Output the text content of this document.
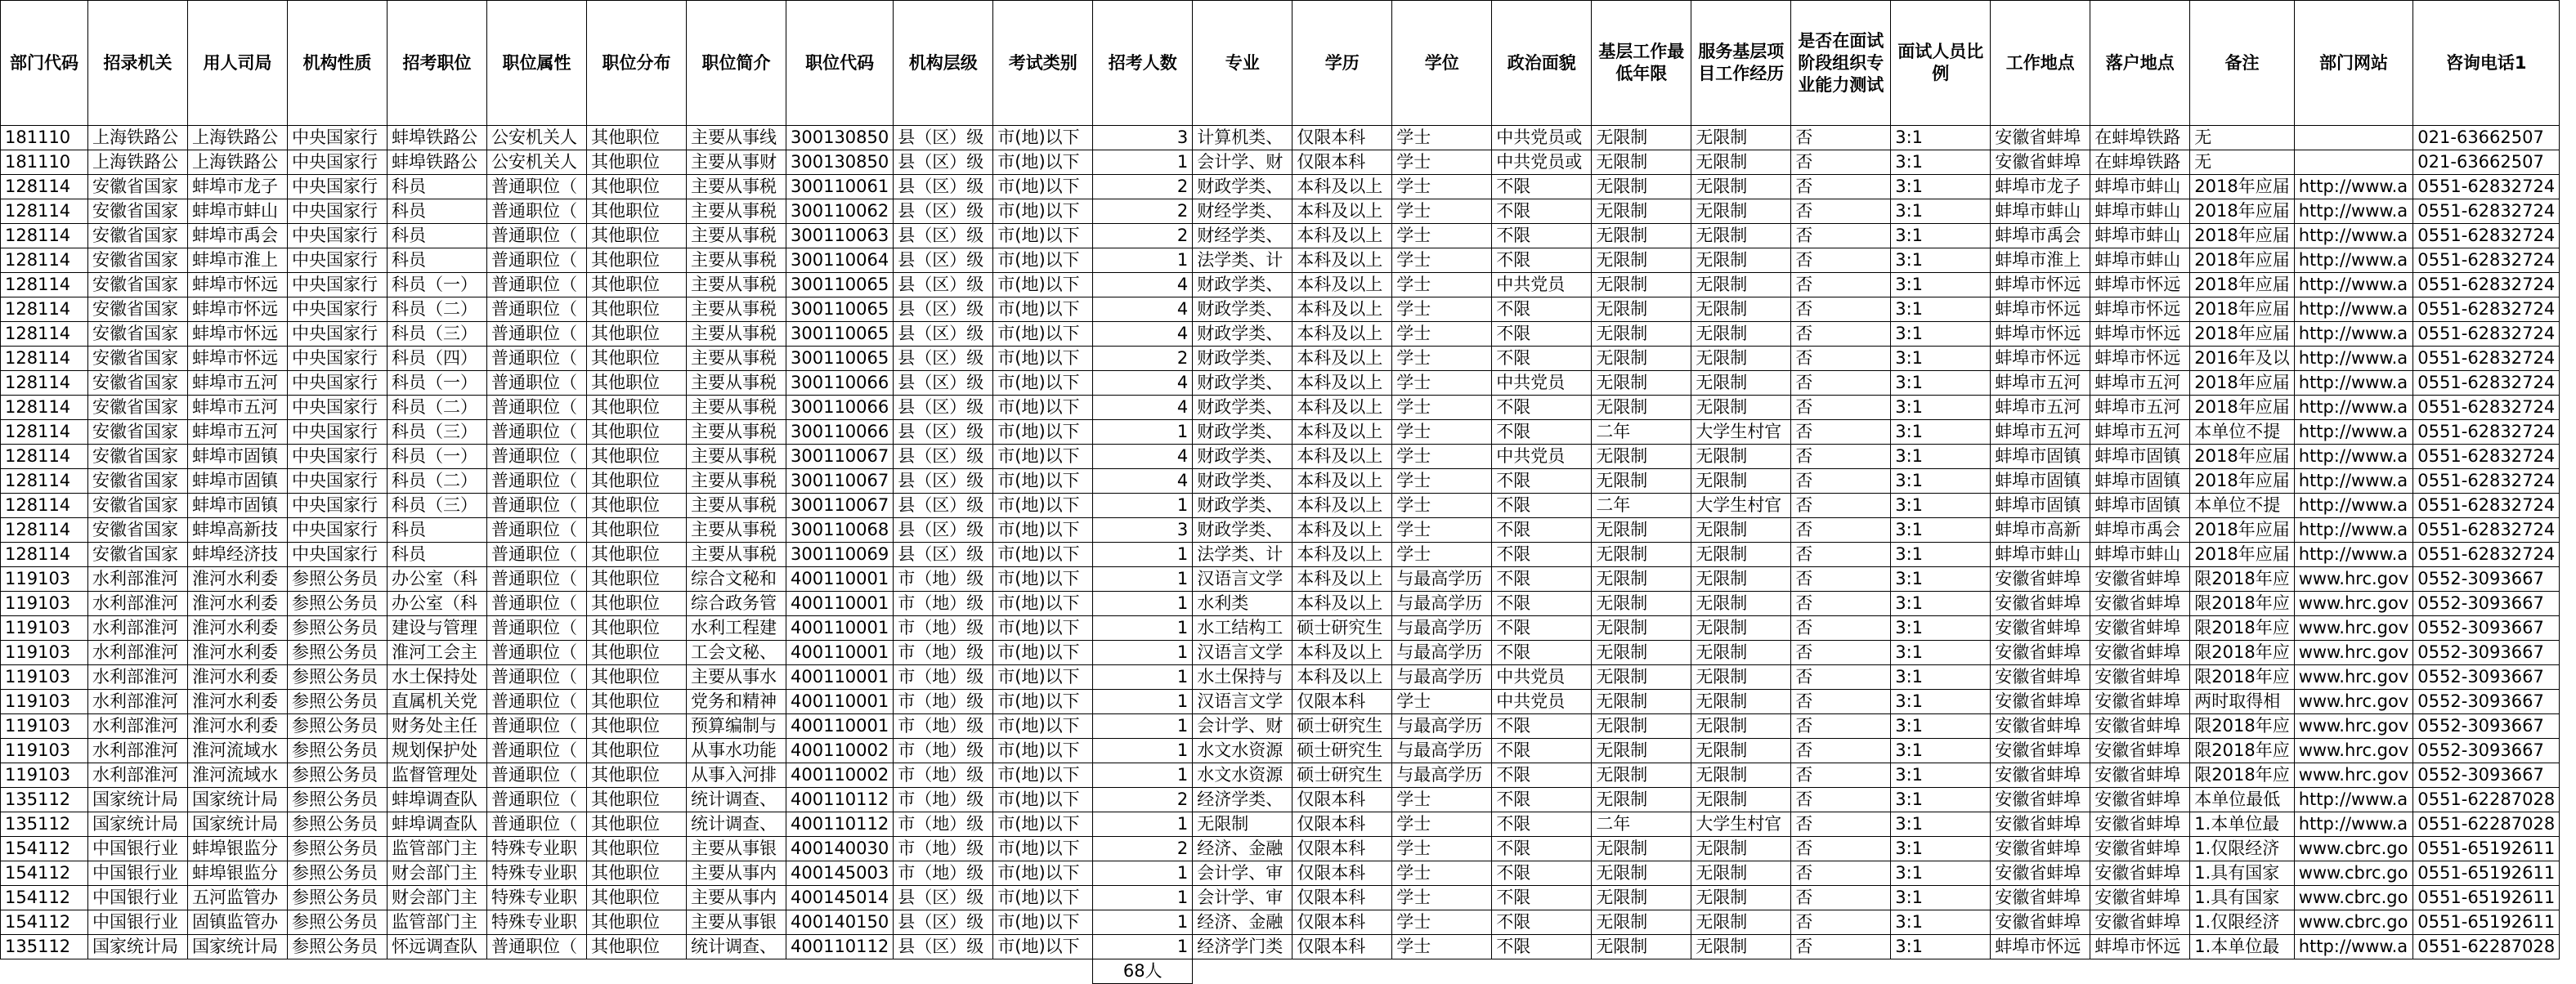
部门代码	招录机关	用人司局	机构性质	招考职位	职位属性	职位分布	职位简介	职位代码	机构层级	考试类别	招考人数	专业	学历	学位	政治面貌	基层工作最低年限	服务基层项目工作经历	是否在面试阶段组织专业能力测试	面试人员比例	工作地点	落户地点	备注	部门网站	咨询电话1
181110	上海铁路公	上海铁路公	中央国家行	蚌埠铁路公	公安机关人	其他职位	主要从事线	300130850	县（区）级	市(地)以下	3	计算机类、	仅限本科	学士	中共党员或	无限制	无限制	否	3:1	安徽省蚌埠	在蚌埠铁路	无		021-63662507
181110	上海铁路公	上海铁路公	中央国家行	蚌埠铁路公	公安机关人	其他职位	主要从事财	300130850	县（区）级	市(地)以下	1	会计学、财	仅限本科	学士	中共党员或	无限制	无限制	否	3:1	安徽省蚌埠	在蚌埠铁路	无		021-63662507
128114	安徽省国家	蚌埠市龙子	中央国家行	科员	普通职位（	其他职位	主要从事税	300110061	县（区）级	市(地)以下	2	财政学类、	本科及以上	学士	不限	无限制	无限制	否	3:1	蚌埠市龙子	蚌埠市蚌山	2018年应届	http://www.a	0551-62832724
128114	安徽省国家	蚌埠市蚌山	中央国家行	科员	普通职位（	其他职位	主要从事税	300110062	县（区）级	市(地)以下	2	财经学类、	本科及以上	学士	不限	无限制	无限制	否	3:1	蚌埠市蚌山	蚌埠市蚌山	2018年应届	http://www.a	0551-62832724
128114	安徽省国家	蚌埠市禹会	中央国家行	科员	普通职位（	其他职位	主要从事税	300110063	县（区）级	市(地)以下	2	财经学类、	本科及以上	学士	不限	无限制	无限制	否	3:1	蚌埠市禹会	蚌埠市蚌山	2018年应届	http://www.a	0551-62832724
128114	安徽省国家	蚌埠市淮上	中央国家行	科员	普通职位（	其他职位	主要从事税	300110064	县（区）级	市(地)以下	1	法学类、计	本科及以上	学士	不限	无限制	无限制	否	3:1	蚌埠市淮上	蚌埠市蚌山	2018年应届	http://www.a	0551-62832724
128114	安徽省国家	蚌埠市怀远	中央国家行	科员（一）	普通职位（	其他职位	主要从事税	300110065	县（区）级	市(地)以下	4	财政学类、	本科及以上	学士	中共党员	无限制	无限制	否	3:1	蚌埠市怀远	蚌埠市怀远	2018年应届	http://www.a	0551-62832724
128114	安徽省国家	蚌埠市怀远	中央国家行	科员（二）	普通职位（	其他职位	主要从事税	300110065	县（区）级	市(地)以下	4	财政学类、	本科及以上	学士	不限	无限制	无限制	否	3:1	蚌埠市怀远	蚌埠市怀远	2018年应届	http://www.a	0551-62832724
128114	安徽省国家	蚌埠市怀远	中央国家行	科员（三）	普通职位（	其他职位	主要从事税	300110065	县（区）级	市(地)以下	4	财政学类、	本科及以上	学士	不限	无限制	无限制	否	3:1	蚌埠市怀远	蚌埠市怀远	2018年应届	http://www.a	0551-62832724
128114	安徽省国家	蚌埠市怀远	中央国家行	科员（四）	普通职位（	其他职位	主要从事税	300110065	县（区）级	市(地)以下	2	财政学类、	本科及以上	学士	不限	无限制	无限制	否	3:1	蚌埠市怀远	蚌埠市怀远	2016年及以	http://www.a	0551-62832724
128114	安徽省国家	蚌埠市五河	中央国家行	科员（一）	普通职位（	其他职位	主要从事税	300110066	县（区）级	市(地)以下	4	财政学类、	本科及以上	学士	中共党员	无限制	无限制	否	3:1	蚌埠市五河	蚌埠市五河	2018年应届	http://www.a	0551-62832724
128114	安徽省国家	蚌埠市五河	中央国家行	科员（二）	普通职位（	其他职位	主要从事税	300110066	县（区）级	市(地)以下	4	财政学类、	本科及以上	学士	不限	无限制	无限制	否	3:1	蚌埠市五河	蚌埠市五河	2018年应届	http://www.a	0551-62832724
128114	安徽省国家	蚌埠市五河	中央国家行	科员（三）	普通职位（	其他职位	主要从事税	300110066	县（区）级	市(地)以下	1	财政学类、	本科及以上	学士	不限	二年	大学生村官	否	3:1	蚌埠市五河	蚌埠市五河	本单位不提	http://www.a	0551-62832724
128114	安徽省国家	蚌埠市固镇	中央国家行	科员（一）	普通职位（	其他职位	主要从事税	300110067	县（区）级	市(地)以下	4	财政学类、	本科及以上	学士	中共党员	无限制	无限制	否	3:1	蚌埠市固镇	蚌埠市固镇	2018年应届	http://www.a	0551-62832724
128114	安徽省国家	蚌埠市固镇	中央国家行	科员（二）	普通职位（	其他职位	主要从事税	300110067	县（区）级	市(地)以下	4	财政学类、	本科及以上	学士	不限	无限制	无限制	否	3:1	蚌埠市固镇	蚌埠市固镇	2018年应届	http://www.a	0551-62832724
128114	安徽省国家	蚌埠市固镇	中央国家行	科员（三）	普通职位（	其他职位	主要从事税	300110067	县（区）级	市(地)以下	1	财政学类、	本科及以上	学士	不限	二年	大学生村官	否	3:1	蚌埠市固镇	蚌埠市固镇	本单位不提	http://www.a	0551-62832724
128114	安徽省国家	蚌埠高新技	中央国家行	科员	普通职位（	其他职位	主要从事税	300110068	县（区）级	市(地)以下	3	财政学类、	本科及以上	学士	不限	无限制	无限制	否	3:1	蚌埠市高新	蚌埠市禹会	2018年应届	http://www.a	0551-62832724
128114	安徽省国家	蚌埠经济技	中央国家行	科员	普通职位（	其他职位	主要从事税	300110069	县（区）级	市(地)以下	1	法学类、计	本科及以上	学士	不限	无限制	无限制	否	3:1	蚌埠市蚌山	蚌埠市蚌山	2018年应届	http://www.a	0551-62832724
119103	水利部淮河	淮河水利委	参照公务员	办公室（科	普通职位（	其他职位	综合文秘和	400110001	市（地）级	市(地)以下	1	汉语言文学	本科及以上	与最高学历	不限	无限制	无限制	否	3:1	安徽省蚌埠	安徽省蚌埠	限2018年应	www.hrc.gov	0552-3093667
119103	水利部淮河	淮河水利委	参照公务员	办公室（科	普通职位（	其他职位	综合政务管	400110001	市（地）级	市(地)以下	1	水利类	本科及以上	与最高学历	不限	无限制	无限制	否	3:1	安徽省蚌埠	安徽省蚌埠	限2018年应	www.hrc.gov	0552-3093667
119103	水利部淮河	淮河水利委	参照公务员	建设与管理	普通职位（	其他职位	水利工程建	400110001	市（地）级	市(地)以下	1	水工结构工	硕士研究生	与最高学历	不限	无限制	无限制	否	3:1	安徽省蚌埠	安徽省蚌埠	限2018年应	www.hrc.gov	0552-3093667
119103	水利部淮河	淮河水利委	参照公务员	淮河工会主	普通职位（	其他职位	工会文秘、	400110001	市（地）级	市(地)以下	1	汉语言文学	本科及以上	与最高学历	不限	无限制	无限制	否	3:1	安徽省蚌埠	安徽省蚌埠	限2018年应	www.hrc.gov	0552-3093667
119103	水利部淮河	淮河水利委	参照公务员	水土保持处	普通职位（	其他职位	主要从事水	400110001	市（地）级	市(地)以下	1	水土保持与	本科及以上	与最高学历	中共党员	无限制	无限制	否	3:1	安徽省蚌埠	安徽省蚌埠	限2018年应	www.hrc.gov	0552-3093667
119103	水利部淮河	淮河水利委	参照公务员	直属机关党	普通职位（	其他职位	党务和精神	400110001	市（地）级	市(地)以下	1	汉语言文学	仅限本科	学士	中共党员	无限制	无限制	否	3:1	安徽省蚌埠	安徽省蚌埠	两时取得相	www.hrc.gov	0552-3093667
119103	水利部淮河	淮河水利委	参照公务员	财务处主任	普通职位（	其他职位	预算编制与	400110001	市（地）级	市(地)以下	1	会计学、财	硕士研究生	与最高学历	不限	无限制	无限制	否	3:1	安徽省蚌埠	安徽省蚌埠	限2018年应	www.hrc.gov	0552-3093667
119103	水利部淮河	淮河流域水	参照公务员	规划保护处	普通职位（	其他职位	从事水功能	400110002	市（地）级	市(地)以下	1	水文水资源	硕士研究生	与最高学历	不限	无限制	无限制	否	3:1	安徽省蚌埠	安徽省蚌埠	限2018年应	www.hrc.gov	0552-3093667
119103	水利部淮河	淮河流域水	参照公务员	监督管理处	普通职位（	其他职位	从事入河排	400110002	市（地）级	市(地)以下	1	水文水资源	硕士研究生	与最高学历	不限	无限制	无限制	否	3:1	安徽省蚌埠	安徽省蚌埠	限2018年应	www.hrc.gov	0552-3093667
135112	国家统计局	国家统计局	参照公务员	蚌埠调查队	普通职位（	其他职位	统计调查、	400110112	市（地）级	市(地)以下	2	经济学类、	仅限本科	学士	不限	无限制	无限制	否	3:1	安徽省蚌埠	安徽省蚌埠	本单位最低	http://www.a	0551-62287028
135112	国家统计局	国家统计局	参照公务员	蚌埠调查队	普通职位（	其他职位	统计调查、	400110112	市（地）级	市(地)以下	1	无限制	仅限本科	学士	不限	二年	大学生村官	否	3:1	安徽省蚌埠	安徽省蚌埠	1.本单位最	http://www.a	0551-62287028
154112	中国银行业	蚌埠银监分	参照公务员	监管部门主	特殊专业职	其他职位	主要从事银	400140030	市（地）级	市(地)以下	2	经济、金融	仅限本科	学士	不限	无限制	无限制	否	3:1	安徽省蚌埠	安徽省蚌埠	1.仅限经济	www.cbrc.go	0551-65192611
154112	中国银行业	蚌埠银监分	参照公务员	财会部门主	特殊专业职	其他职位	主要从事内	400145003	市（地）级	市(地)以下	1	会计学、审	仅限本科	学士	不限	无限制	无限制	否	3:1	安徽省蚌埠	安徽省蚌埠	1.具有国家	www.cbrc.go	0551-65192611
154112	中国银行业	五河监管办	参照公务员	财会部门主	特殊专业职	其他职位	主要从事内	400145014	县（区）级	市(地)以下	1	会计学、审	仅限本科	学士	不限	无限制	无限制	否	3:1	安徽省蚌埠	安徽省蚌埠	1.具有国家	www.cbrc.go	0551-65192611
154112	中国银行业	固镇监管办	参照公务员	监管部门主	特殊专业职	其他职位	主要从事银	400140150	县（区）级	市(地)以下	1	经济、金融	仅限本科	学士	不限	无限制	无限制	否	3:1	安徽省蚌埠	安徽省蚌埠	1.仅限经济	www.cbrc.go	0551-65192611
135112	国家统计局	国家统计局	参照公务员	怀远调查队	普通职位（	其他职位	统计调查、	400110112	县（区）级	市(地)以下	1	经济学门类	仅限本科	学士	不限	无限制	无限制	否	3:1	蚌埠市怀远	蚌埠市怀远	1.本单位最	http://www.a	0551-62287028
											68人													
